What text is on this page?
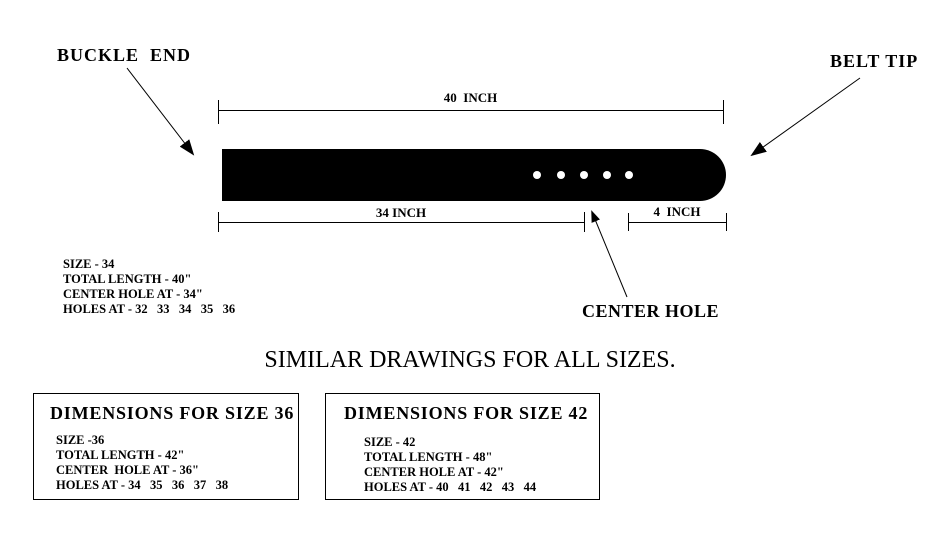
BUCKLE  END	BELT TIP
CENTER HOLE
40  INCH
34 INCH	4  INCH
SIZE - 34
TOTAL LENGTH - 40"
CENTER HOLE AT - 34"
HOLES AT - 32   33   34   35   36
SIMILAR DRAWINGS FOR ALL SIZES.
DIMENSIONS FOR SIZE 36
SIZE -36
TOTAL LENGTH - 42"
CENTER  HOLE AT - 36"
HOLES AT - 34   35   36   37   38
DIMENSIONS FOR SIZE 42
SIZE - 42
TOTAL LENGTH - 48"
CENTER HOLE AT - 42"
HOLES AT - 40   41   42   43   44
